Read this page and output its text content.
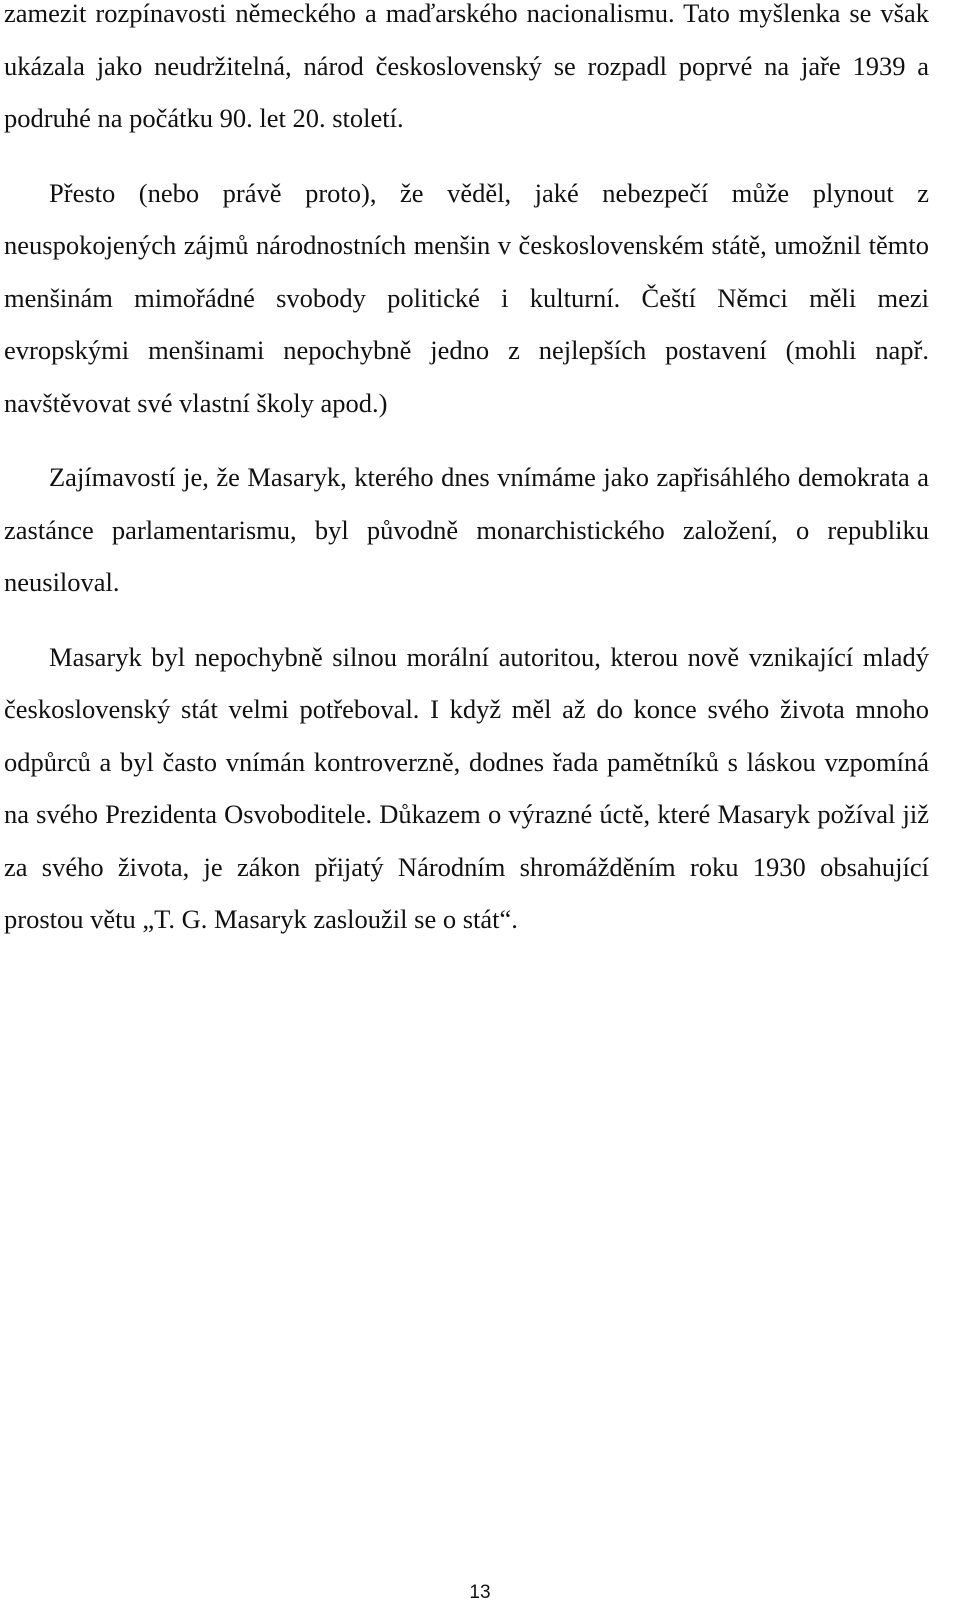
zamezit rozpínavosti německého a maďarského nacionalismu. Tato myšlenka se však ukázala jako neudržitelná, národ československý se rozpadl poprvé na jaře 1939 a podruhé na počátku 90. let 20. století.

Přesto (nebo právě proto), že věděl, jaké nebezpečí může plynout z neuspokojených zájmů národnostních menšin v československém státě, umožnil těmto menšinám mimořádné svobody politické i kulturní. Čeští Němci měli mezi evropskými menšinami nepochybně jedno z nejlepších postavení (mohli např. navštěvovat své vlastní školy apod.)

Zajímavostí je, že Masaryk, kterého dnes vnímáme jako zapřisáhlého demokrata a zastánce parlamentarismu, byl původně monarchistického založení, o republiku neusiloval.

Masaryk byl nepochybně silnou morální autoritou, kterou nově vznikající mladý československý stát velmi potřeboval. I když měl až do konce svého života mnoho odpůrců a byl často vnímán kontroverzně, dodnes řada pamětníků s láskou vzpomíná na svého Prezidenta Osvoboditele. Důkazem o výrazné úctě, které Masaryk požíval již za svého života, je zákon přijatý Národním shromážděním roku 1930 obsahující prostou větu „T. G. Masaryk zasloužil se o stát“.

13
